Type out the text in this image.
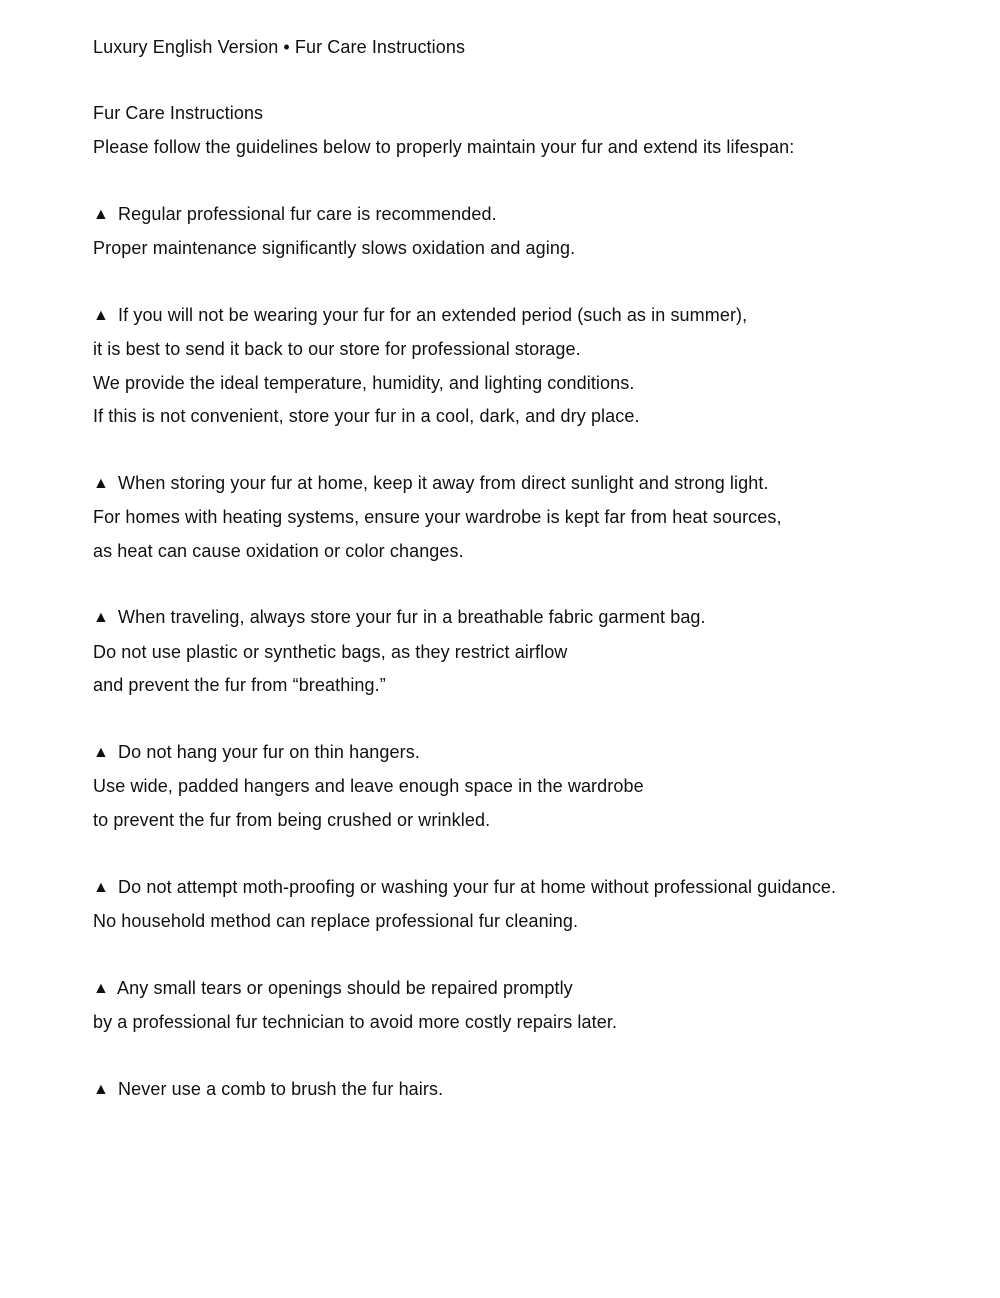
Luxury English Version • Fur Care Instructions
Fur Care Instructions
Please follow the guidelines below to properly maintain your fur and extend its lifespan:
▲ Regular professional fur care is recommended.
Proper maintenance significantly slows oxidation and aging.
▲ If you will not be wearing your fur for an extended period (such as in summer),
it is best to send it back to our store for professional storage.
We provide the ideal temperature, humidity, and lighting conditions.
If this is not convenient, store your fur in a cool, dark, and dry place.
▲ When storing your fur at home, keep it away from direct sunlight and strong light.
For homes with heating systems, ensure your wardrobe is kept far from heat sources,
as heat can cause oxidation or color changes.
▲ When traveling, always store your fur in a breathable fabric garment bag.
Do not use plastic or synthetic bags, as they restrict airflow
and prevent the fur from “breathing.”
▲ Do not hang your fur on thin hangers.
Use wide, padded hangers and leave enough space in the wardrobe
to prevent the fur from being crushed or wrinkled.
▲ Do not attempt moth-proofing or washing your fur at home without professional guidance.
No household method can replace professional fur cleaning.
▲ Any small tears or openings should be repaired promptly
by a professional fur technician to avoid more costly repairs later.
▲ Never use a comb to brush the fur hairs.
